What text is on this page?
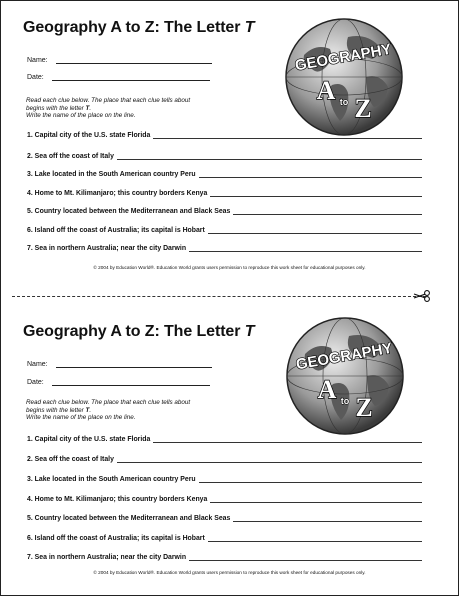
Geography A to Z: The Letter T
Name:
Date:
Read each clue below. The place that each clue tells about begins with the letter T.
Write the name of the place on the line.
1. Capital city of the U.S. state Florida
2. Sea off the coast of Italy
3. Lake located in the South American country Peru
4. Home to Mt. Kilimanjaro; this country borders Kenya
5. Country located between the Mediterranean and Black Seas
6. Island off the coast of Australia; its capital is Hobart
7. Sea in northern Australia; near the city Darwin
© 2004 by Education World®. Education World grants users permission to reproduce this work sheet for educational purposes only.
GEOGRAPHY
A to Z
Geography A to Z: The Letter T
Name:
Date:
Read each clue below. The place that each clue tells about begins with the letter T.
Write the name of the place on the line.
1. Capital city of the U.S. state Florida
2. Sea off the coast of Italy
3. Lake located in the South American country Peru
4. Home to Mt. Kilimanjaro; this country borders Kenya
5. Country located between the Mediterranean and Black Seas
6. Island off the coast of Australia; its capital is Hobart
7. Sea in northern Australia; near the city Darwin
© 2004 by Education World®. Education World grants users permission to reproduce this work sheet for educational purposes only.
GEOGRAPHY
A to Z
